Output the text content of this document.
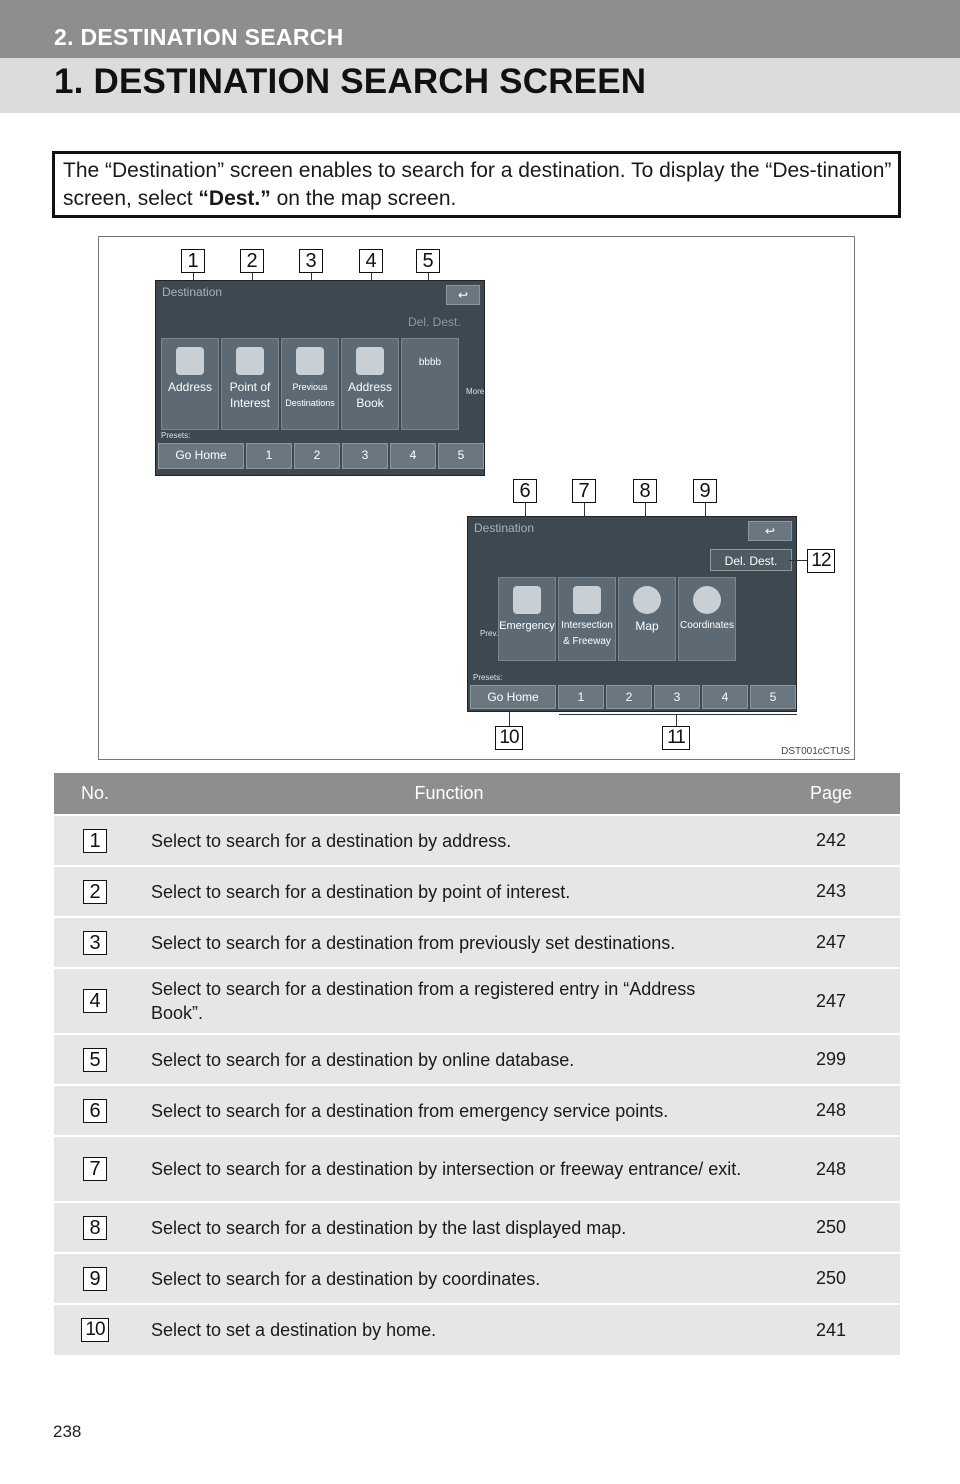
2. DESTINATION SEARCH
1. DESTINATION SEARCH SCREEN
The “Destination” screen enables to search for a destination. To display the “Des-tination” screen, select “Dest.” on the map screen.
1	2	3	4	5
Destination
Del. Dest.
↩
Address	Point of Interest
Previous Destinations
Address Book
bbbb
More
Presets:
Go Home	1	2	3	4	5
6	7	8	9
Destination	↩
Del. Dest.
Prev.
Emergency Intersection & Freeway
Map	Coordinates
Presets:
Go Home	1	2	3	4	5
12
10	11
DST001cCTUS
No.	Function	Page
1	Select to search for a destination by address.	242
2	Select to search for a destination by point of interest.	243
3	Select to search for a destination from previously set destinations.	247
4	Select to search for a destination from a registered entry in “Address Book”.	247
5	Select to search for a destination by online database.	299
6	Select to search for a destination from emergency service points.	248
7	Select to search for a destination by intersection or freeway entrance/ exit.	248
8	Select to search for a destination by the last displayed map.	250
9	Select to search for a destination by coordinates.	250
10	Select to set a destination by home.	241
238
